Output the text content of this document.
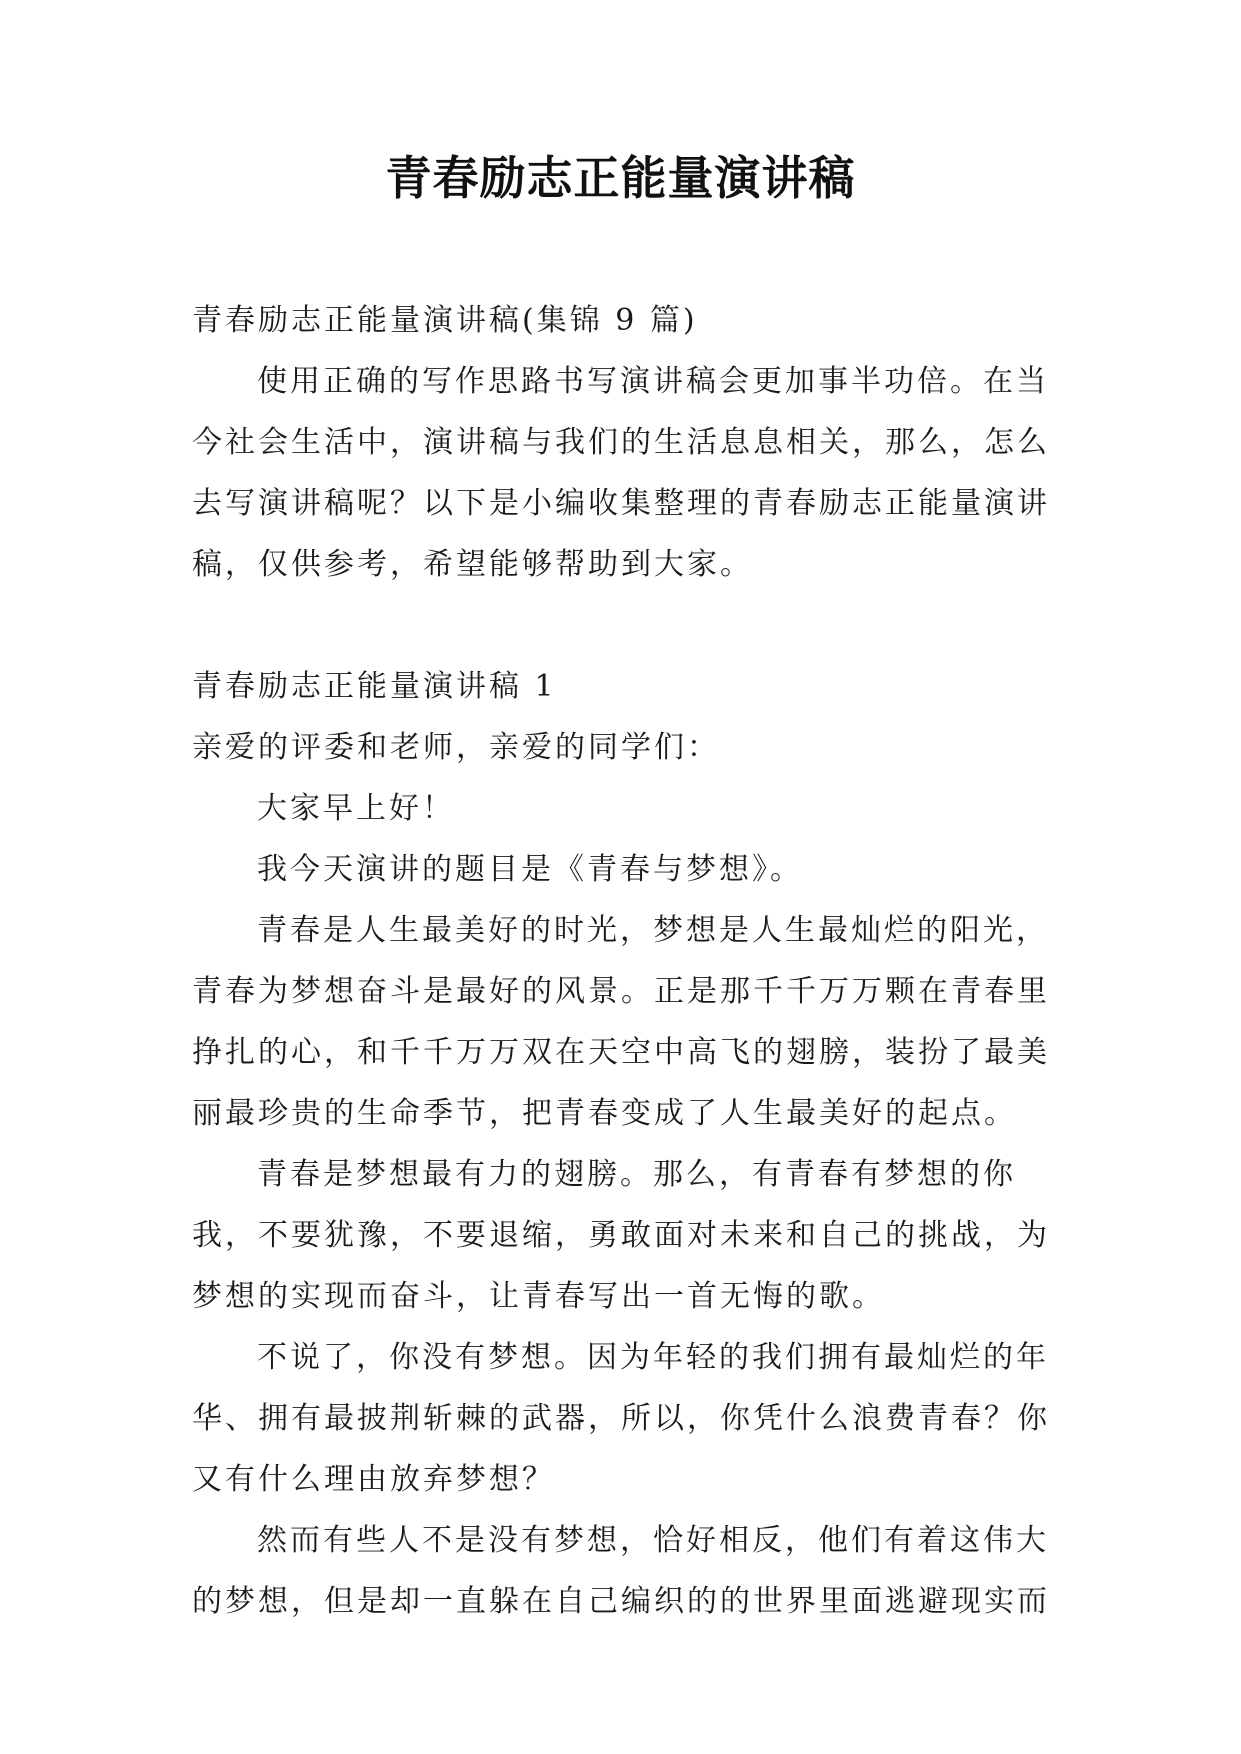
青春励志正能量演讲稿

青春励志正能量演讲稿(集锦 9 篇)

使用正确的写作思路书写演讲稿会更加事半功倍。在当今社会生活中，演讲稿与我们的生活息息相关，那么，怎么去写演讲稿呢？以下是小编收集整理的青春励志正能量演讲稿，仅供参考，希望能够帮助到大家。

青春励志正能量演讲稿 1

亲爱的评委和老师，亲爱的同学们：

大家早上好！

我今天演讲的题目是《青春与梦想》。

青春是人生最美好的时光，梦想是人生最灿烂的阳光，青春为梦想奋斗是最好的风景。正是那千千万万颗在青春里挣扎的心，和千千万万双在天空中高飞的翅膀，装扮了最美丽最珍贵的生命季节，把青春变成了人生最美好的起点。

青春是梦想最有力的翅膀。那么，有青春有梦想的你我，不要犹豫，不要退缩，勇敢面对未来和自己的挑战，为梦想的实现而奋斗，让青春写出一首无悔的歌。

不说了，你没有梦想。因为年轻的我们拥有最灿烂的年华、拥有最披荆斩棘的武器，所以，你凭什么浪费青春？你又有什么理由放弃梦想？

然而有些人不是没有梦想，恰好相反，他们有着这伟大的梦想，但是却一直躲在自己编织的的世界里面逃避现实而
